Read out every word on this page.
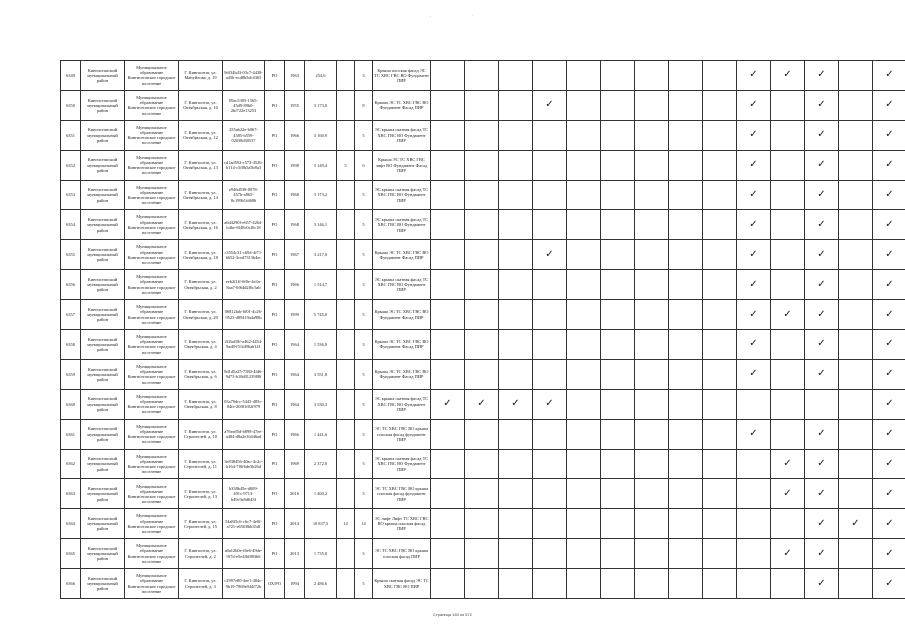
.	·
6349	Кингисеппский муниципальный район	Муниципальное образование Кингисеппское городское поселение	Г. Кингисепп, ул. Мануйлова, д. 19	9df34b43-03c7-4438-a45b-ecd8b5dc4365	РО	1963	254,6		3	Крыша плоская фасад ЭС ТС ХВС ГВС ВО Фундамент ПИР										✓	✓	✓		✓
6350	Кингисеппский муниципальный район	Муниципальное образование Кингисеппское городское поселение	Г. Кингисепп, ул. Октябрьская, д. 10	09ac5305-1565-45d9-89b0-2bf722e13253	РО	1955	3 173,0		8	Крыша ЭС ТС ХВС ГВС ВО Фундамент Фасад ПИР				✓						✓		✓		✓
6351	Кингисеппский муниципальный район	Муниципальное образование Кингисеппское городское поселение	Г. Кингисепп, ул. Октябрьская, д. 12	255ab22e-b067-4585-b559-02fff8d30537	РО	1966	3 160,9		5	ЭС крыша скатная фасад ТС ХВС ГВС ВО Фундамент ПИР										✓		✓		✓
6352	Кингисеппский муниципальный район	Муниципальное образование Кингисеппское городское поселение	Г. Кингисепп, ул. Октябрьская, д. 13	cd1ad592-c573-4526-b114-c5f0b5a5b8a3	РО	1998	5 149,4	5	6	Крыша ЭС ТС ХВС ГВС лифт ВО Фундамент Фасад ПИР										✓		✓		✓
6353	Кингисеппский муниципальный район	Муниципальное образование Кингисеппское городское поселение	Г. Кингисепп, ул. Октябрьская, д. 14	e946d538-0078-457b-a865-8c199b1fd686	РО	1968	3 173,2		5	ЭС крыша скатная фасад ТС ХВС ГВС ВО Фундамент ПИР										✓		✓		✓
6354	Кингисеппский муниципальный район	Муниципальное образование Кингисеппское городское поселение	Г. Кингисепп, ул. Октябрьская, д. 16	a6d4290f-e657-4264-b4be-8f48c0cf6c18	РО	1968	3 146,1		5	ЭС крыша скатная фасад ТС ХВС ГВС ВО Фундамент ПИР										✓		✓		✓
6355	Кингисеппский муниципальный район	Муниципальное образование Кингисеппское городское поселение	Г. Кингисепп, ул. Октябрьская, д. 18	c3554c31-c694-4f71-b652-3ced7313b4ec	РО	1967	3 217,0		5	Крыша ЭС ТС ХВС ГВС ВО Фундамент Фасад ПИР				✓						✓		✓		✓
6356	Кингисеппский муниципальный район	Муниципальное образование Кингисеппское городское поселение	Г. Кингисепп, ул. Октябрьская, д. 2	eeb2f1ff-6f0e-4e3a-8aa7-0f64d2f6c5ab	РО	1966	1 514,7		3	ЭС крыша скатная фасад ТС ХВС ГВС ВО Фундамент ПИР										✓		✓		✓
6357	Кингисеппский муниципальный район	Муниципальное образование Кингисеппское городское поселение	Г. Кингисепп, ул. Октябрьская, д. 20	06812fab-6f01-4c26-9521-d89419a4a98b	РО	1999	5 745,0		5	Крыша ЭС ТС ХВС ГВС ВО Фундамент Фасад ПИР										✓	✓	✓		✓
6358	Кингисеппский муниципальный район	Муниципальное образование Кингисеппское городское поселение	Г. Кингисепп, ул. Октябрьская, д. 4	2f2bd18f-a462-4454-9ad8-f51fd96ab141	РО	1964	1 536,9		3	Крыша ЭС ТС ХВС ГВС ВО Фундамент Фасад ПИР										✓		✓		✓
6359	Кингисеппский муниципальный район	Муниципальное образование Кингисеппское городское поселение	Г. Кингисепп, ул. Октябрьская, д. 6	8d1d5a25-7580-4fd6-9d73-b18d0123988f	РО	1964	3 551,8		5	Крыша ЭС ТС ХВС ГВС ВО Фундамент Фасад ПИР										✓		✓		✓
6360	Кингисеппский муниципальный район	Муниципальное образование Кингисеппское городское поселение	Г. Кингисепп, ул. Октябрьская, д. 8	03a79dcc-5445-485c-84fe-20f81f02f979	РО	1964	3 530,3		5	ЭС крыша скатная фасад ТС ХВС ГВС ВО Фундамент ПИР	✓	✓	✓	✓										✓
6361	Кингисеппский муниципальный район	Муниципальное образование Кингисеппское городское поселение	Г. Кингисепп, ул. Строителей, д. 10	a76ea05d-b898-47ee-a484-d8a2e16446ad	РО	1966	1 441,6		3	ЭС ТС ХВС ГВС ВО крыша плоская фасад фундамент ПИР										✓		✓		✓
6362	Кингисеппский муниципальный район	Муниципальное образование Кингисеппское городское поселение	Г. Кингисепп, ул. Строителей, д. 11	3e838456-40ac-4c2c-b164-7f0f6de5b26d	РО	1969	2 372,0		3	ЭС крыша скатная фасад ТС ХВС ГВС ВО Фундамент ПИР											✓	✓		✓
6363	Кингисеппский муниципальный район	Муниципальное образование Кингисеппское городское поселение	Г. Кингисепп, ул. Строителей, д. 13	b338b45e-d009-491c-9713-b49c9a9d643f	РО	2016	1 460,2		3	ЭС ТС ХВС ГВС ВО крыша плоская фасад фундамент ПИР											✓	✓		✓
6364	Кингисеппский муниципальный район	Муниципальное образование Кингисеппское городское поселение	Г. Кингисепп, ул. Строителей, д. 15	54a8f5c6-c6c7-4e0f-a721-e65ff8bb35df	РО	2014	10 837,5	14	14	ЭС лифт Лифт ТС ХВС ГВС ВО крыша плоская фасад ПИР												✓	✓	✓
6365	Кингисеппский муниципальный район	Муниципальное образование Кингисеппское городское поселение	Г. Кингисепп, ул. Строителей, д. 2	a0a12b0e-f6e6-49de-9f7d-e5e4f6f883b6	РО	2013	1 735,0		3	ЭС ТС ХВС ГВС ВО крыша плоская фасад ПИР											✓	✓		✓
6366	Кингисеппский муниципальный район	Муниципальное образование Кингисеппское городское поселение	Г. Кингисепп, ул. Строителей, д. 3	c2997e80-4ee1-484c-9b19-7869e944f72b	ОХ/РО	1994	2 486,6		5	Крыша скатная фасад ЭС ТС ХВС ГВС ВО ПИР												✓		✓
Страница 160 из 572
